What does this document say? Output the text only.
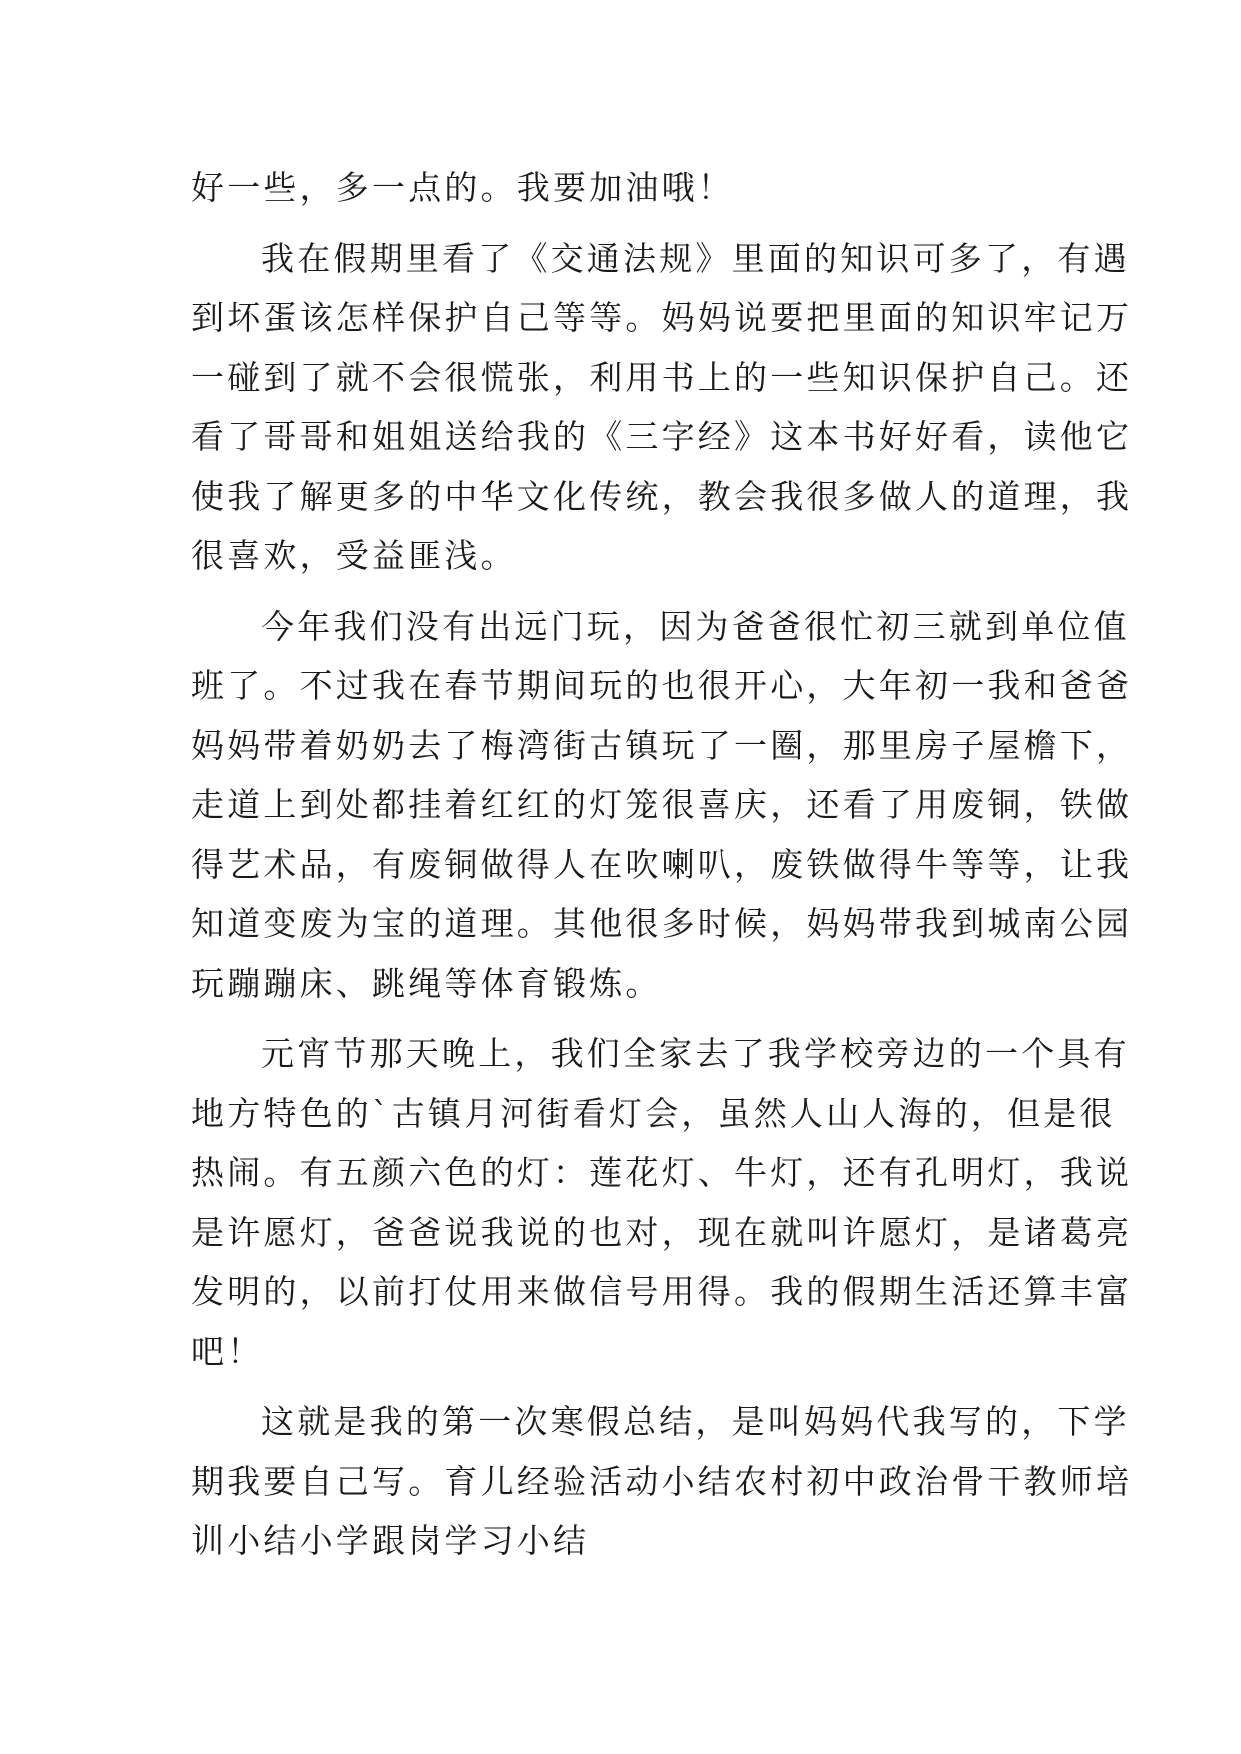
好一些，多一点的。我要加油哦！
我在假期里看了《交通法规》里面的知识可多了，有遇
到坏蛋该怎样保护自己等等。妈妈说要把里面的知识牢记万
一碰到了就不会很慌张，利用书上的一些知识保护自己。还
看了哥哥和姐姐送给我的《三字经》这本书好好看，读他它
使我了解更多的中华文化传统，教会我很多做人的道理，我
很喜欢，受益匪浅。
今年我们没有出远门玩，因为爸爸很忙初三就到单位值
班了。不过我在春节期间玩的也很开心，大年初一我和爸爸
妈妈带着奶奶去了梅湾街古镇玩了一圈，那里房子屋檐下，
走道上到处都挂着红红的灯笼很喜庆，还看了用废铜，铁做
得艺术品，有废铜做得人在吹喇叭，废铁做得牛等等，让我
知道变废为宝的道理。其他很多时候，妈妈带我到城南公园
玩蹦蹦床、跳绳等体育锻炼。
元宵节那天晚上，我们全家去了我学校旁边的一个具有
地方特色的`古镇月河街看灯会，虽然人山人海的，但是很
热闹。有五颜六色的灯：莲花灯、牛灯，还有孔明灯，我说
是许愿灯，爸爸说我说的也对，现在就叫许愿灯，是诸葛亮
发明的，以前打仗用来做信号用得。我的假期生活还算丰富
吧！
这就是我的第一次寒假总结，是叫妈妈代我写的，下学
期我要自己写。育儿经验活动小结农村初中政治骨干教师培
训小结小学跟岗学习小结
